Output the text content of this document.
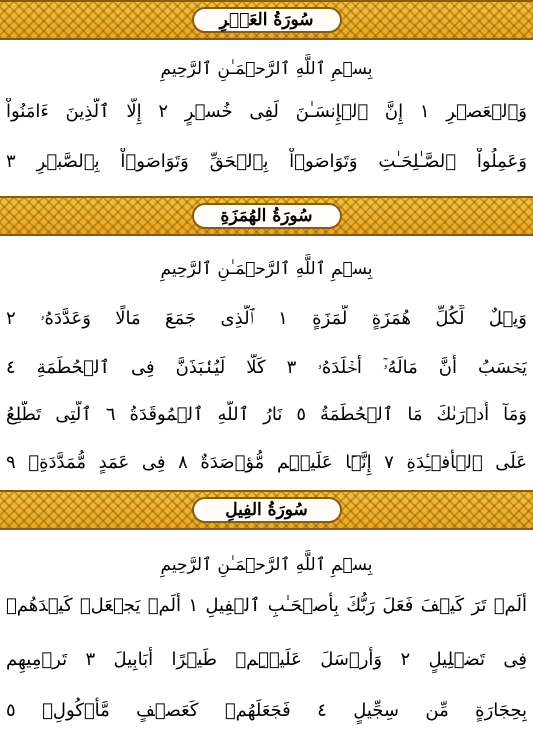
سُورَةُ العَصۡرِ
بِسۡمِ ٱللَّهِ ٱلرَّحۡمَـٰنِ ٱلرَّحِيمِ
وَٱلۡعَصۡرِ ١ إِنَّ ٱلۡإِنسَـٰنَ لَفِى خُسۡرٍ ٢ إِلَّا ٱلَّذِينَ ءَامَنُواْ
وَعَمِلُواْ ٱلصَّـٰلِحَـٰتِ وَتَوَاصَوۡاْ بِٱلۡحَقِّ وَتَوَاصَوۡاْ بِٱلصَّبۡرِ ٣
سُورَةُ الهُمَزَةِ
بِسۡمِ ٱللَّهِ ٱلرَّحۡمَـٰنِ ٱلرَّحِيمِ
وَيۡلٌ لِّكُلِّ هُمَزَةٍ لُّمَزَةٍ ١ ٱلَّذِى جَمَعَ مَالًا وَعَدَّدَهُۥ ٢
يَحۡسَبُ أَنَّ مَالَهُۥٓ أَخۡلَدَهُۥ ٣ كَلَّا لَيُنۢبَذَنَّ فِى ٱلۡحُطَمَةِ ٤
وَمَآ أَدۡرَٮٰكَ مَا ٱلۡحُطَمَةُ ٥ نَارُ ٱللَّهِ ٱلۡمُوقَدَةُ ٦ ٱلَّتِى تَطَّلِعُ
عَلَى ٱلۡأَفۡـِٔدَةِ ٧ إِنَّہَا عَلَيۡہِم مُّؤۡصَدَةٌ ٨ فِى عَمَدٍ مُّمَدَّدَةِۭ ٩
سُورَةُ الفِيلِ
بِسۡمِ ٱللَّهِ ٱلرَّحۡمَـٰنِ ٱلرَّحِيمِ
أَلَمۡ تَرَ كَيۡفَ فَعَلَ رَبُّكَ بِأَصۡحَـٰبِ ٱلۡفِيلِ ١ أَلَمۡ يَجۡعَلۡ كَيۡدَهُمۡ
فِى تَضۡلِيلٍ ٢ وَأَرۡسَلَ عَلَيۡہِمۡ طَيۡرًا أَبَابِيلَ ٣ تَرۡمِيهِم
بِحِجَارَةٍ مِّن سِجِّيلٍ ٤ فَجَعَلَهُمۡ كَعَصۡفٍ مَّأۡكُولِۭ ٥
